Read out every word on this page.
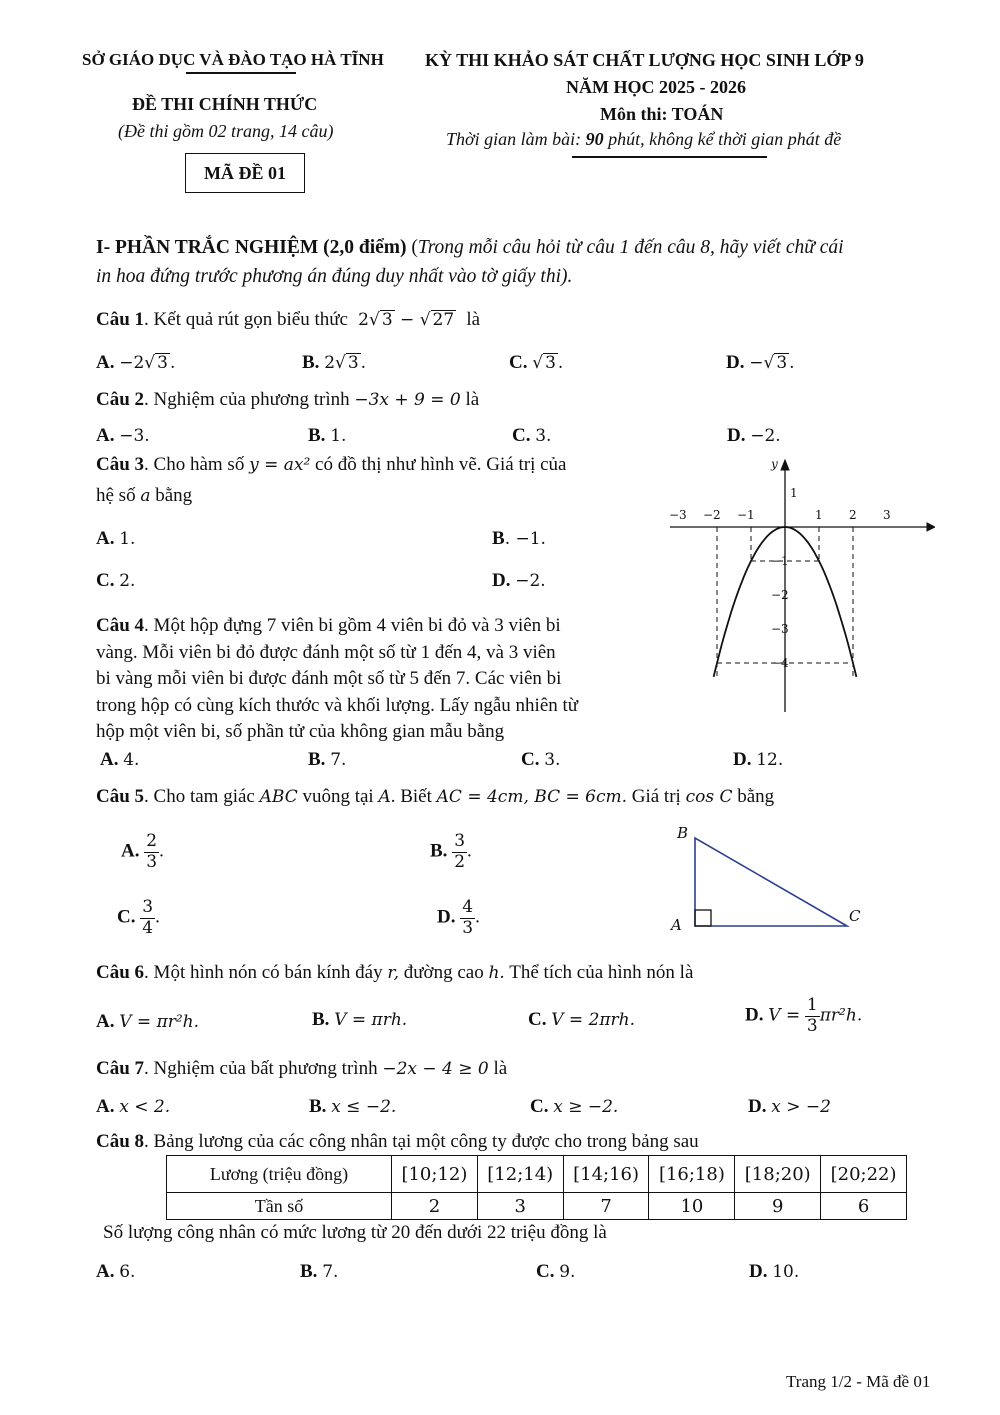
SỞ GIÁO DỤC VÀ ĐÀO TẠO HÀ TĨNH
ĐỀ THI CHÍNH THỨC
(Đề thi gồm 02 trang, 14 câu)
MÃ ĐỀ 01
KỲ THI KHẢO SÁT CHẤT LƯỢNG HỌC SINH LỚP 9
NĂM HỌC 2025 - 2026
Môn thi: TOÁN
Thời gian làm bài: 90 phút, không kể thời gian phát đề
I- PHẦN TRẮC NGHIỆM (2,0 điểm) (Trong mỗi câu hỏi từ câu 1 đến câu 8, hãy viết chữ cái
in hoa đứng trước phương án đúng duy nhất vào tờ giấy thi).
Câu 1. Kết quả rút gọn biểu thức  2√ 3 − √ 27 là
A. −2√ 3 .	B. 2√ 3 .	C. √ 3 .	D. −√ 3 .
Câu 2. Nghiệm của phương trình −3x + 9 = 0 là
A. −3.	B. 1.	C. 3.	D. −2.
Câu 3. Cho hàm số y = ax² có đồ thị như hình vẽ. Giá trị của
hệ số a bằng
A. 1.	B. −1.
C. 2.	D. −2.
−3 −2 −1	1 2 3
1
−1
−2
−3
−4
y
Câu 4. Một hộp đựng 7 viên bi gồm 4 viên bi đỏ và 3 viên bi
vàng. Mỗi viên bi đỏ được đánh một số từ 1 đến 4, và 3 viên
bi vàng mỗi viên bi được đánh một số từ 5 đến 7. Các viên bi
trong hộp có cùng kích thước và khối lượng. Lấy ngẫu nhiên từ
hộp một viên bi, số phần tử của không gian mẫu bằng
A. 4.	B. 7.	C. 3.	D. 12.
Câu 5. Cho tam giác ABC vuông tại A. Biết AC = 4cm, BC = 6cm. Giá trị cos C bằng
A. $\frac{2}{3}$ .	B. $\frac{3}{2}$ .
C. $\frac{3}{4}$ .	D. $\frac{4}{3}$ .
B
A	C
Câu 6. Một hình nón có bán kính đáy r, đường cao h. Thể tích của hình nón là
A. V = πr²h.	B. V = πrh.	C. V = 2πrh.	D. $V = \frac{1}{3} \pi r^2h$.
Câu 7. Nghiệm của bất phương trình −2x − 4 ≥ 0 là
A. x < 2.	B. x ≤ −2.	C. x ≥ −2.	D. x > −2
Câu 8. Bảng lương của các công nhân tại một công ty được cho trong bảng sau
Lương (triệu đồng)	[10;12)	[12;14)	[14;16)	[16;18)	[18;20)	[20;22)
Tần số	2	3	7	10	9	6
Số lượng công nhân có mức lương từ 20 đến dưới 22 triệu đồng là
A. 6.	B. 7.	C. 9.	D. 10.
Trang 1/2 - Mã đề 01
